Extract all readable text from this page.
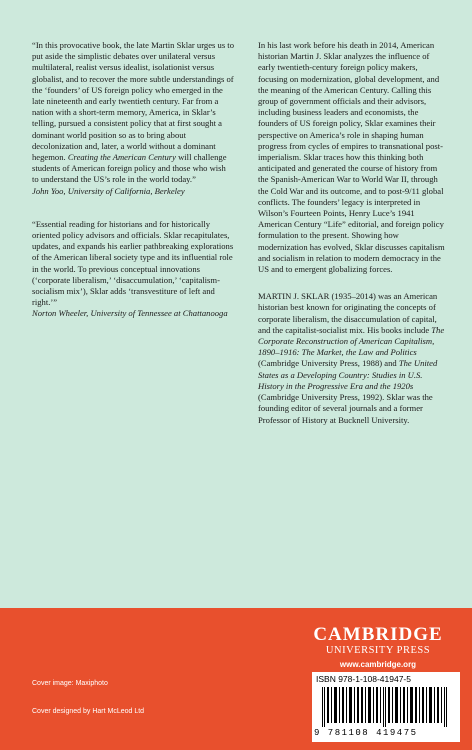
“In this provocative book, the late Martin Sklar urges us to put aside the simplistic debates over unilateral versus multilateral, realist versus idealist, isolationist versus globalist, and to recover the more subtle understandings of the ‘founders’ of US foreign policy who emerged in the late nineteenth and early twentieth century. Far from a nation with a short-term memory, America, in Sklar’s telling, pursued a consistent policy that at first sought a dominant world position so as to bring about decolonization and, later, a world without a dominant hegemon. Creating the American Century will challenge students of American foreign policy and those who wish to understand the US’s role in the world today.”

John Yoo, University of California, Berkeley

“Essential reading for historians and for historically oriented policy advisors and officials. Sklar recapitulates, updates, and expands his earlier pathbreaking explorations of the American liberal society type and its influential role in the world. To previous conceptual innovations (‘corporate liberalism,’ ‘disaccumulation,’ ‘capitalism-socialism mix’), Sklar adds ‘transvestiture of left and right.’”

Norton Wheeler, University of Tennessee at Chattanooga

In his last work before his death in 2014, American historian Martin J. Sklar analyzes the influence of early twentieth-century foreign policy makers, focusing on modernization, global development, and the meaning of the American Century. Calling this group of government officials and their advisors, including business leaders and economists, the founders of US foreign policy, Sklar examines their perspective on America’s role in shaping human progress from cycles of empires to transnational post-imperialism. Sklar traces how this thinking both anticipated and generated the course of history from the Spanish-American War to World War II, through the Cold War and its outcome, and to post-9/11 global conflicts. The founders’ legacy is interpreted in Wilson’s Fourteen Points, Henry Luce’s 1941 American Century “Life” editorial, and foreign policy formulation to the present. Showing how modernization has evolved, Sklar discusses capitalism and socialism in relation to modern democracy in the US and to emergent globalizing forces.

MARTIN J. SKLAR (1935–2014) was an American historian best known for originating the concepts of corporate liberalism, the disaccumulation of capital, and the capitalist-socialist mix. His books include The Corporate Reconstruction of American Capitalism, 1890–1916: The Market, the Law and Politics (Cambridge University Press, 1988) and The United States as a Developing Country: Studies in U.S. History in the Progressive Era and the 1920s (Cambridge University Press, 1992). Sklar was the founding editor of several journals and a former Professor of History at Bucknell University.

CAMBRIDGE
UNIVERSITY PRESS
www.cambridge.org
ISBN 978-1-108-41947-5
9 781108 419475
Cover image: Maxiphoto
Cover designed by Hart McLeod Ltd
